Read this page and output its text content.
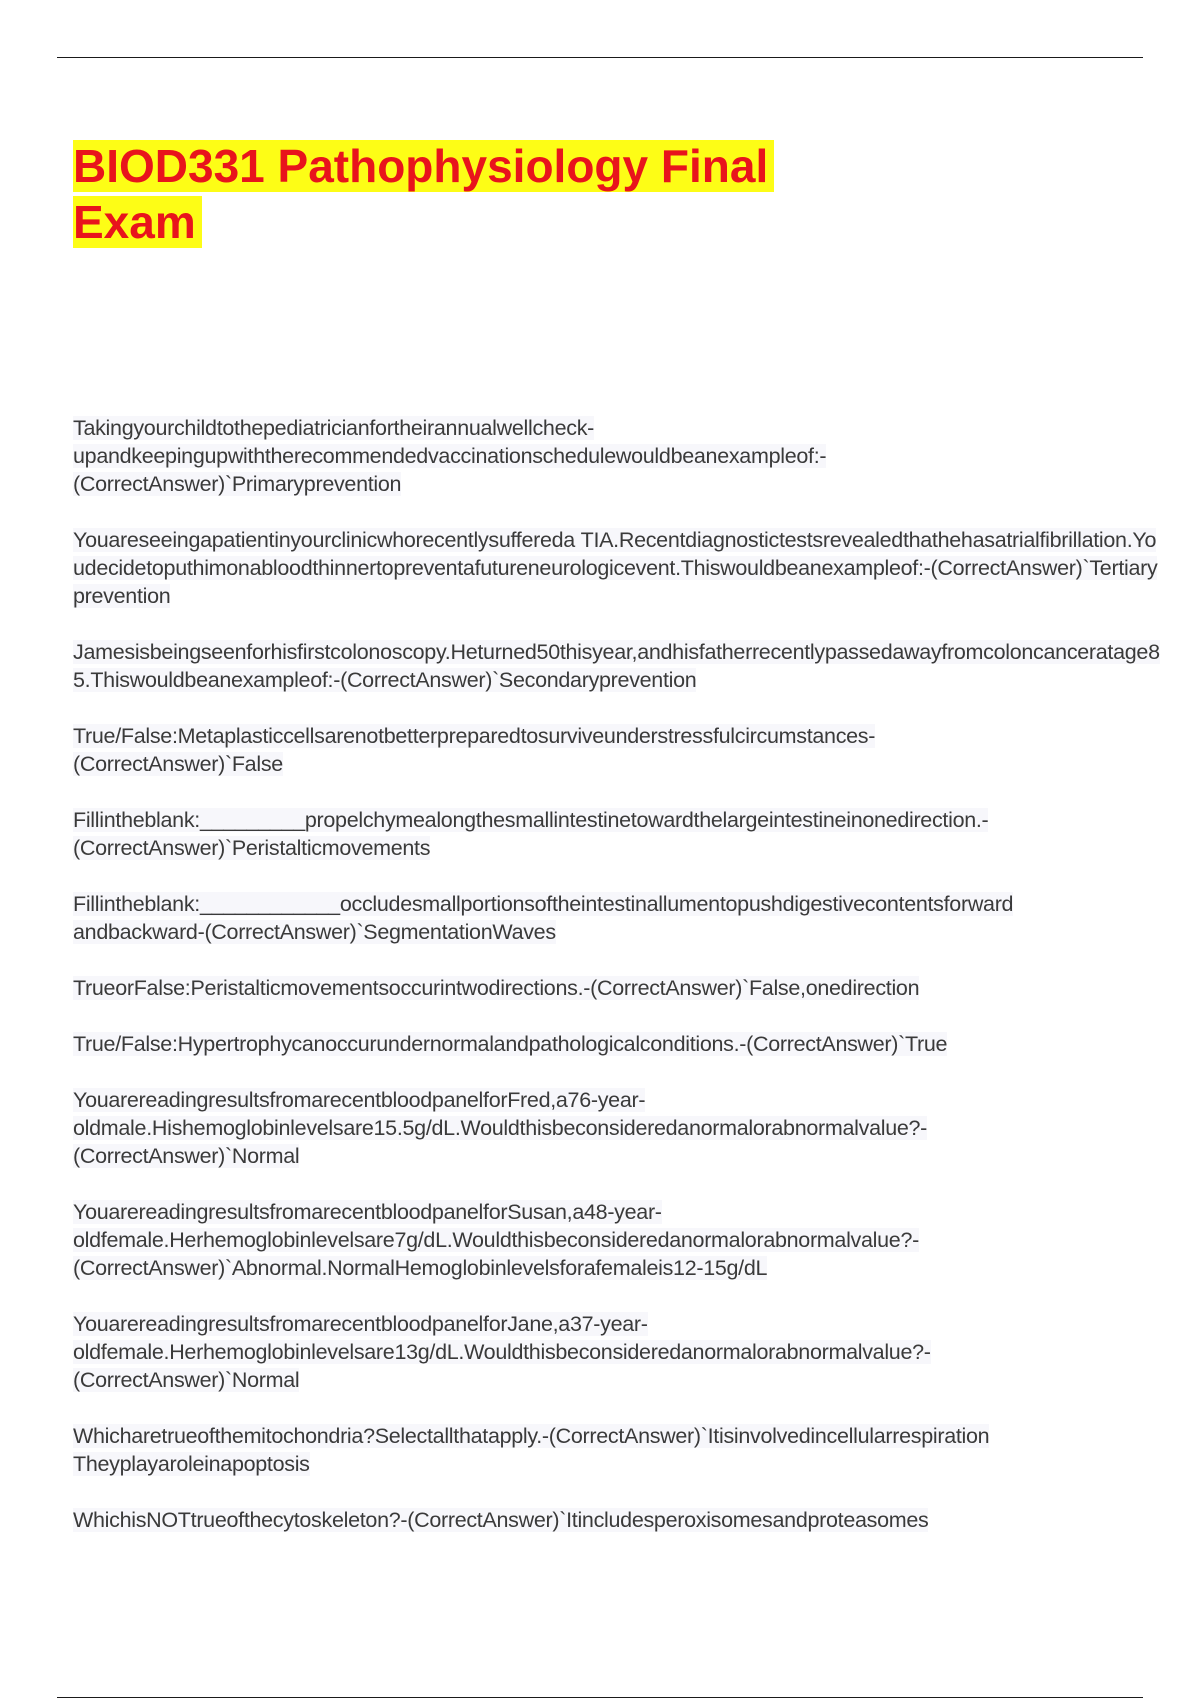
BIOD331 Pathophysiology Final
Exam
Takingyourchildtothepediatricianfortheirannualwellcheck-
upandkeepingupwiththerecommendedvaccinationschedulewouldbeanexampleof:-
(CorrectAnswer)`Primaryprevention
Youareseeingapatientinyourclinicwhorecentlysufferedа TIA.Recentdiagnostictestsrevealedthathehasatrialfibrillation.Youdecidetoputhimonabloodthinnertopreventafutureneurologicevent.Thiswouldbeanexampleof:-(CorrectAnswer)`Tertiaryprevention
Jamesisbeingseenforhisfirstcolonoscopy.Heturned50thisyear,andhisfatherrecentlypassedawayfromcoloncanceratage85.Thiswouldbeanexampleof:-(CorrectAnswer)`Secondaryprevention
True/False:Metaplasticcellsarenotbetterpreparedtosurviveunderstressfulcircumstances-
(CorrectAnswer)`False
Fillintheblank:_________propelchymealongthesmallintestinetowardthelargeintestineinonedirection.-
(CorrectAnswer)`Peristalticmovements
Fillintheblank:____________occludesmallportionsoftheintestinallumentopushdigestivecontentsforward
andbackward-(CorrectAnswer)`SegmentationWaves
TrueorFalse:Peristalticmovementsoccurintwodirections.-(CorrectAnswer)`False,onedirection
True/False:Hypertrophycanoccurundernormalandpathologicalconditions.-(CorrectAnswer)`True
YouarereadingresultsfromarecentbloodpanelforFred,a76-year-
oldmale.Hishemoglobinlevelsare15.5g/dL.Wouldthisbeconsideredanormalorabnormalvalue?-
(CorrectAnswer)`Normal
YouarereadingresultsfromarecentbloodpanelforSusan,a48-year-
oldfemale.Herhemoglobinlevelsare7g/dL.Wouldthisbeconsideredanormalorabnormalvalue?-
(CorrectAnswer)`Abnormal.NormalHemoglobinlevelsforafemaleis12-15g/dL
YouarereadingresultsfromarecentbloodpanelforJane,a37-year-
oldfemale.Herhemoglobinlevelsare13g/dL.Wouldthisbeconsideredanormalorabnormalvalue?-
(CorrectAnswer)`Normal
Whicharetrueofthemitochondria?Selectallthatapply.-(CorrectAnswer)`Itisinvolvedincellularrespiration
Theyplayaroleinapoptosis
WhichisNOTtrueofthecytoskeleton?-(CorrectAnswer)`Itincludesperoxisomesandproteasomes
